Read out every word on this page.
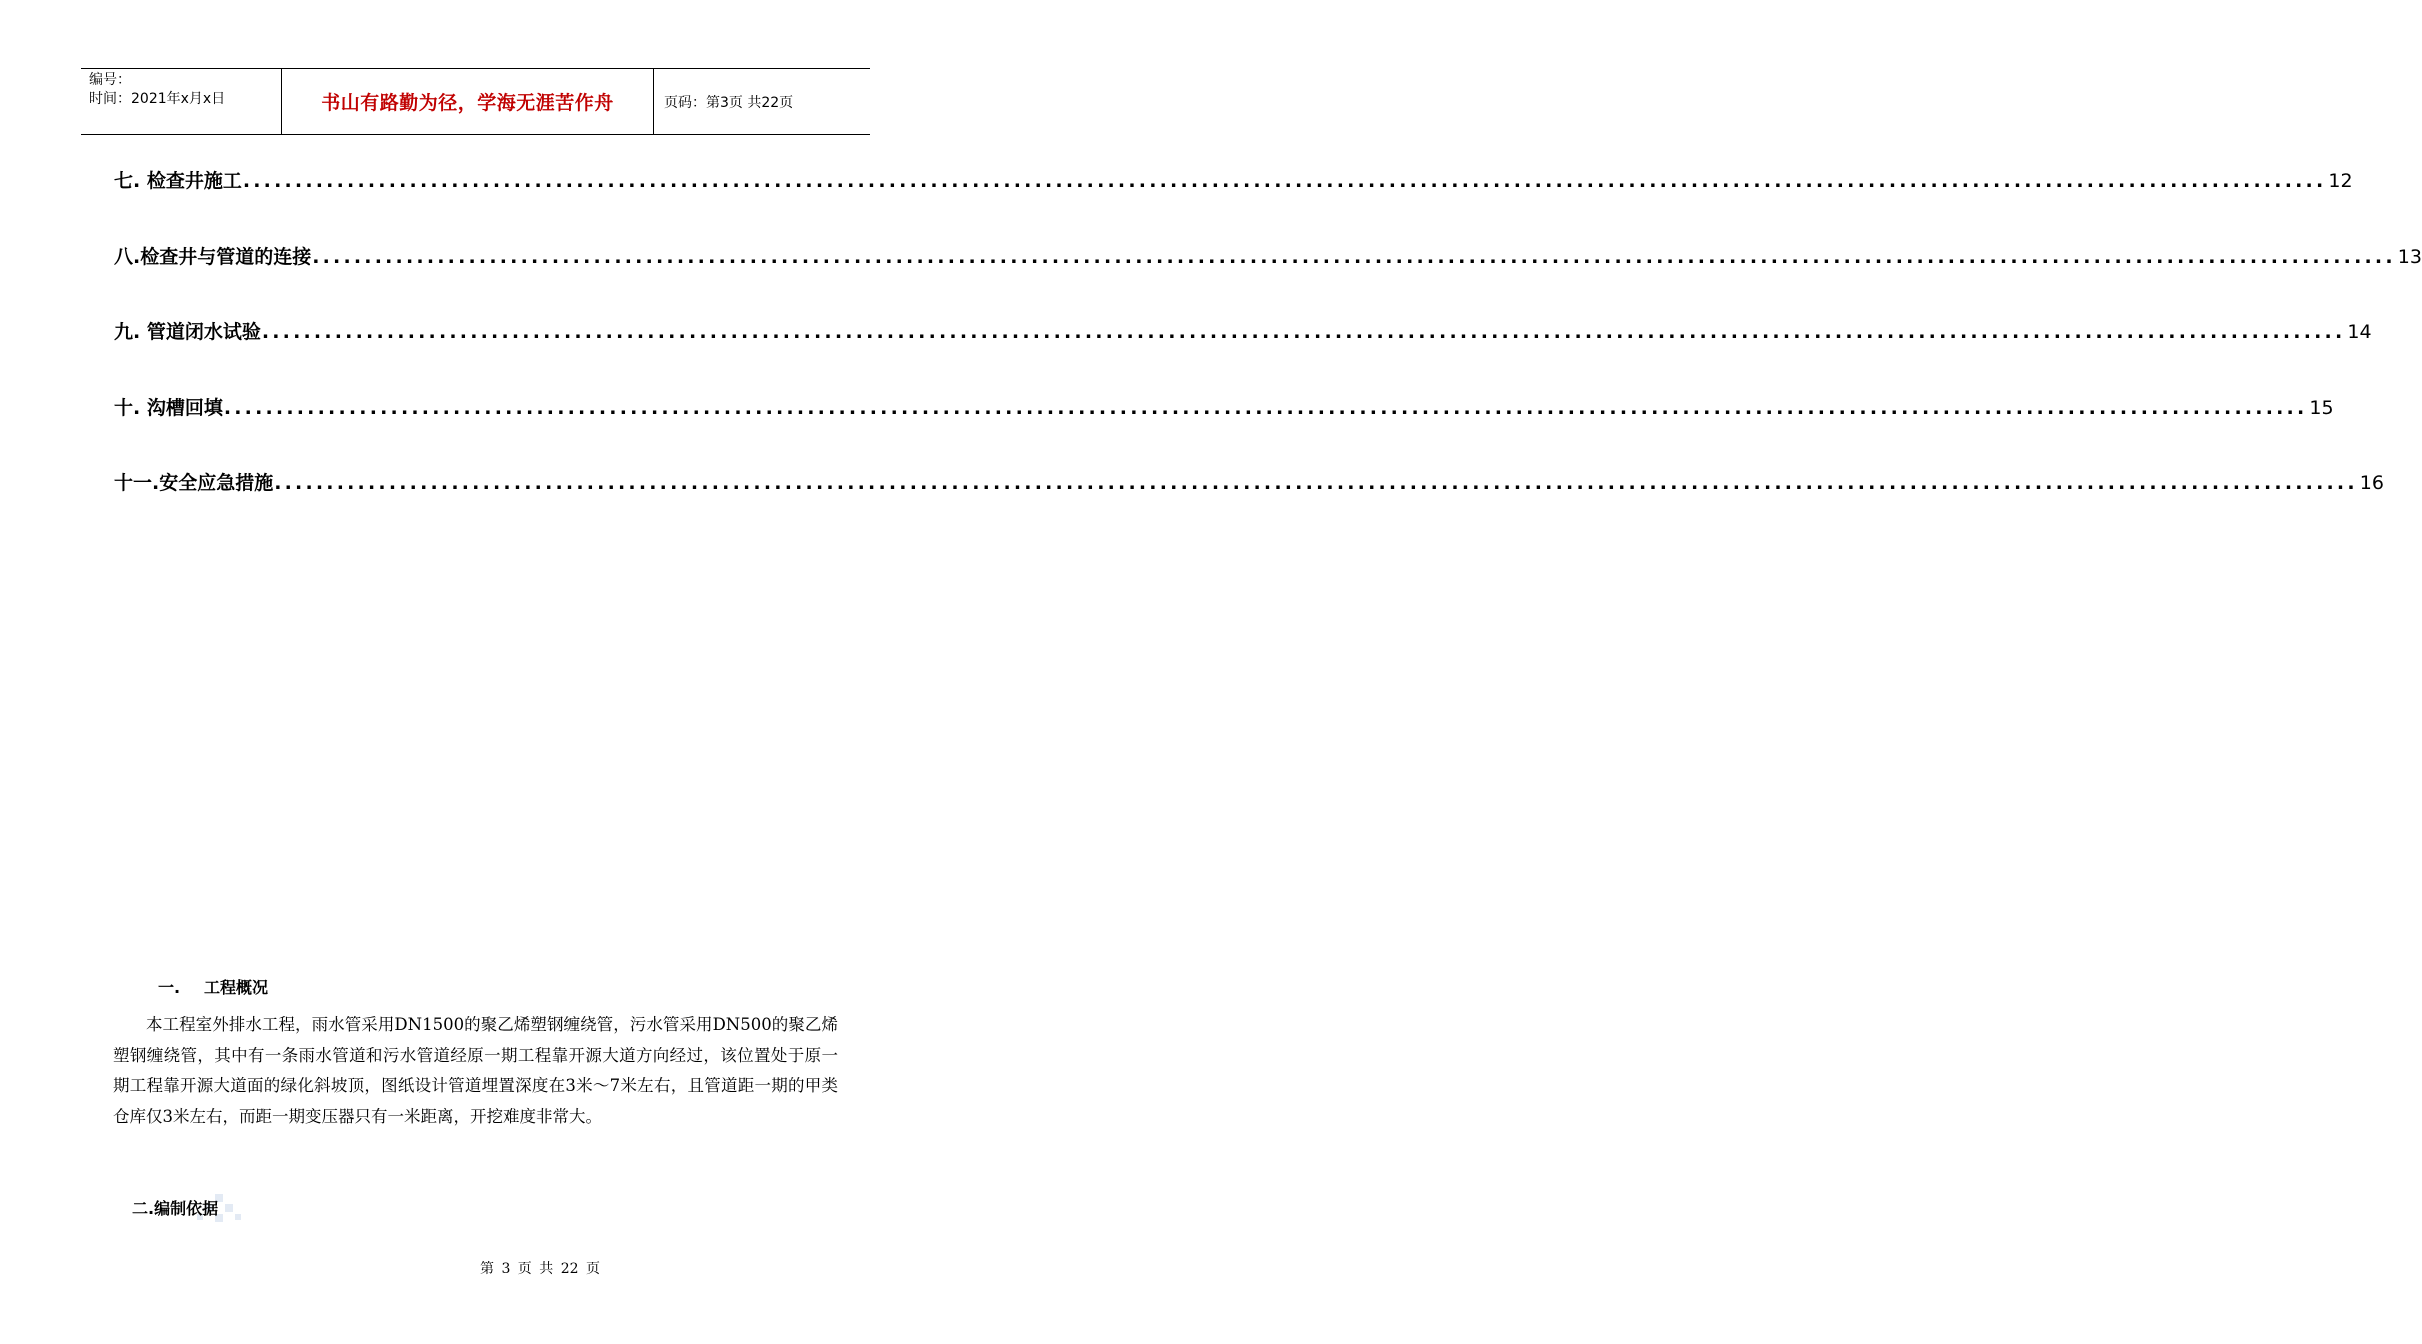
编号：
时间：2021年x月x日	书山有路勤为径，学海无涯苦作舟	页码：第3页 共22页
七. 检查井施工 ........................................................................................................................................................................................................ 12
八.检查井与管道的连接 ........................................................................................................................................................................................................ 13
九. 管道闭水试验 ........................................................................................................................................................................................................ 14
十. 沟槽回填 ........................................................................................................................................................................................................ 15
十一.安全应急措施 ........................................................................................................................................................................................................ 16
一. 工程概况

本工程室外排水工程，雨水管采用DN1500的聚乙烯塑钢缠绕管，污水管采用DN500的聚乙烯塑钢缠绕管，其中有一条雨水管道和污水管道经原一期工程靠开源大道方向经过，该位置处于原一期工程靠开源大道面的绿化斜坡顶，图纸设计管道埋置深度在3米～7米左右，且管道距一期的甲类仓库仅3米左右，而距一期变压器只有一米距离，开挖难度非常大。

二.编制依据
第 3 页 共 22 页
